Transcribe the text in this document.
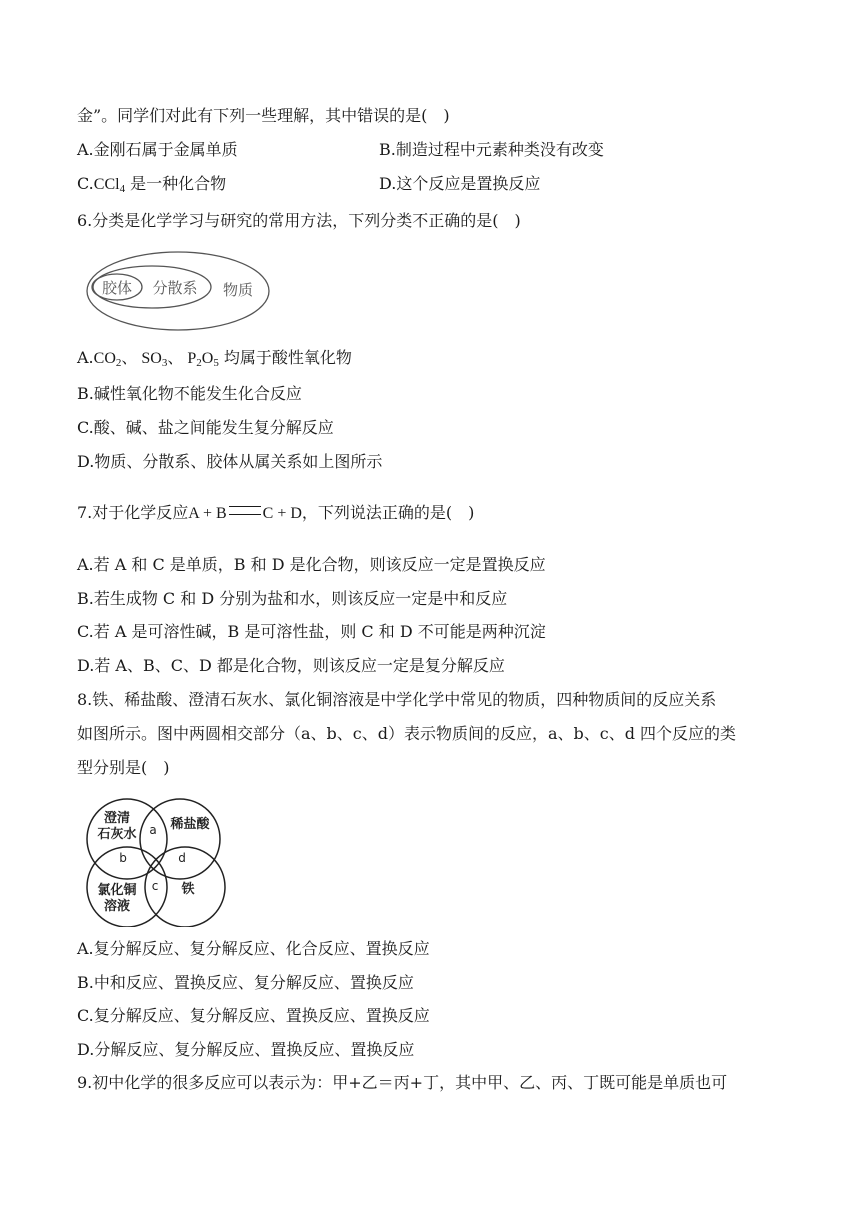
金”。同学们对此有下列一些理解，其中错误的是(　)
A.金刚石属于金属单质	B.制造过程中元素种类没有改变
C.CCl$_4$ 是一种化合物	D.这个反应是置换反应
6.分类是化学学习与研究的常用方法，下列分类不正确的是(　)
胶体 分散系 物质
$A.CO_2$、 $SO_3$、 $P_2O_5$ 均属于酸性氧化物
B.碱性氧化物不能发生化合反应
C.酸、碱、盐之间能发生复分解反应
D.物质、分散系、胶体从属关系如上图所示
7.对于化学反应A + B C + D，下列说法正确的是(　)
A.若 A 和 C 是单质，B 和 D 是化合物，则该反应一定是置换反应
B.若生成物 C 和 D 分别为盐和水，则该反应一定是中和反应
C.若 A 是可溶性碱，B 是可溶性盐，则 C 和 D 不可能是两种沉淀
D.若 A、B、C、D 都是化合物，则该反应一定是复分解反应
8.铁、稀盐酸、澄清石灰水、氯化铜溶液是中学化学中常见的物质，四种物质间的反应关系
如图所示。图中两圆相交部分（a、b、c、d）表示物质间的反应，a、b、c、d 四个反应的类
型分别是(　)
澄清
石灰水
稀盐酸
氯化铜
溶液
铁
a
b
c
d
A.复分解反应、复分解反应、化合反应、置换反应
B.中和反应、置换反应、复分解反应、置换反应
C.复分解反应、复分解反应、置换反应、置换反应
D.分解反应、复分解反应、置换反应、置换反应
9.初中化学的很多反应可以表示为：甲+乙＝丙+丁，其中甲、乙、丙、丁既可能是单质也可
